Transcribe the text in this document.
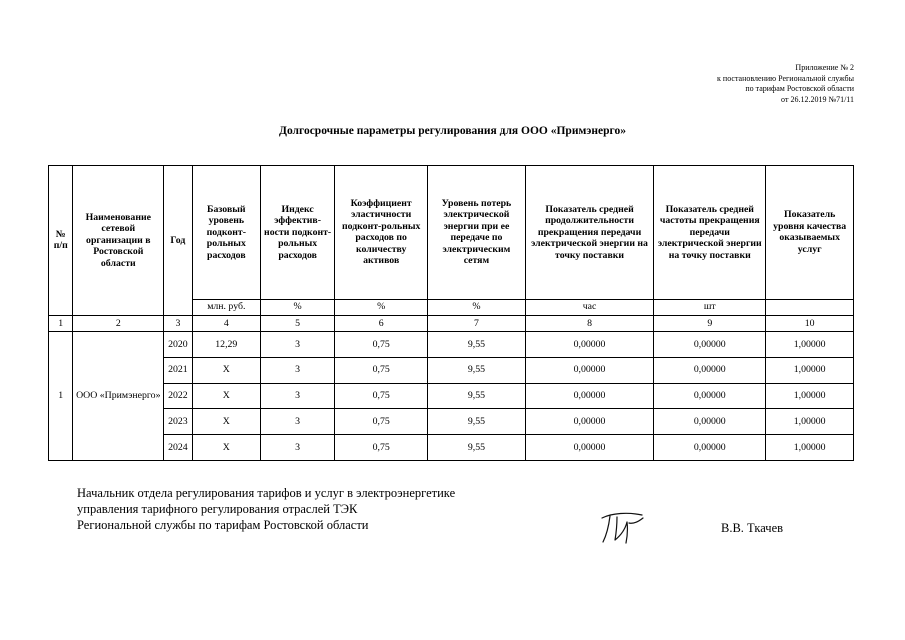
Приложение № 2
к постановлению Региональной службы
по тарифам Ростовской области
от 26.12.2019 №71/11
Долгосрочные параметры регулирования для ООО «Примэнерго»
№ п/п	Наименование сетевой организации в Ростовской области	Год	Базовый уровень подконт-рольных расходов	Индекс эффектив-ности подконт-рольных расходов	Коэффициент эластичности подконт-рольных расходов по количеству активов	Уровень потерь электрической энергии при ее передаче по электрическим сетям	Показатель средней продолжительности прекращения передачи электрической энергии на точку поставки	Показатель средней частоты прекращения передачи электрической энергии на точку поставки	Показатель уровня качества оказываемых услуг
			млн. руб.	%	%	%	час	шт	
1	2	3	4	5	6	7	8	9	10
1	ООО «Примэнерго»	2020	12,29	3	0,75	9,55	0,00000	0,00000	1,00000
		2021	Х	3	0,75	9,55	0,00000	0,00000	1,00000
		2022	Х	3	0,75	9,55	0,00000	0,00000	1,00000
		2023	Х	3	0,75	9,55	0,00000	0,00000	1,00000
		2024	Х	3	0,75	9,55	0,00000	0,00000	1,00000
Начальник отдела регулирования тарифов и услуг в электроэнергетике
управления тарифного регулирования отраслей ТЭК
Региональной службы по тарифам Ростовской области	В.В. Ткачев
